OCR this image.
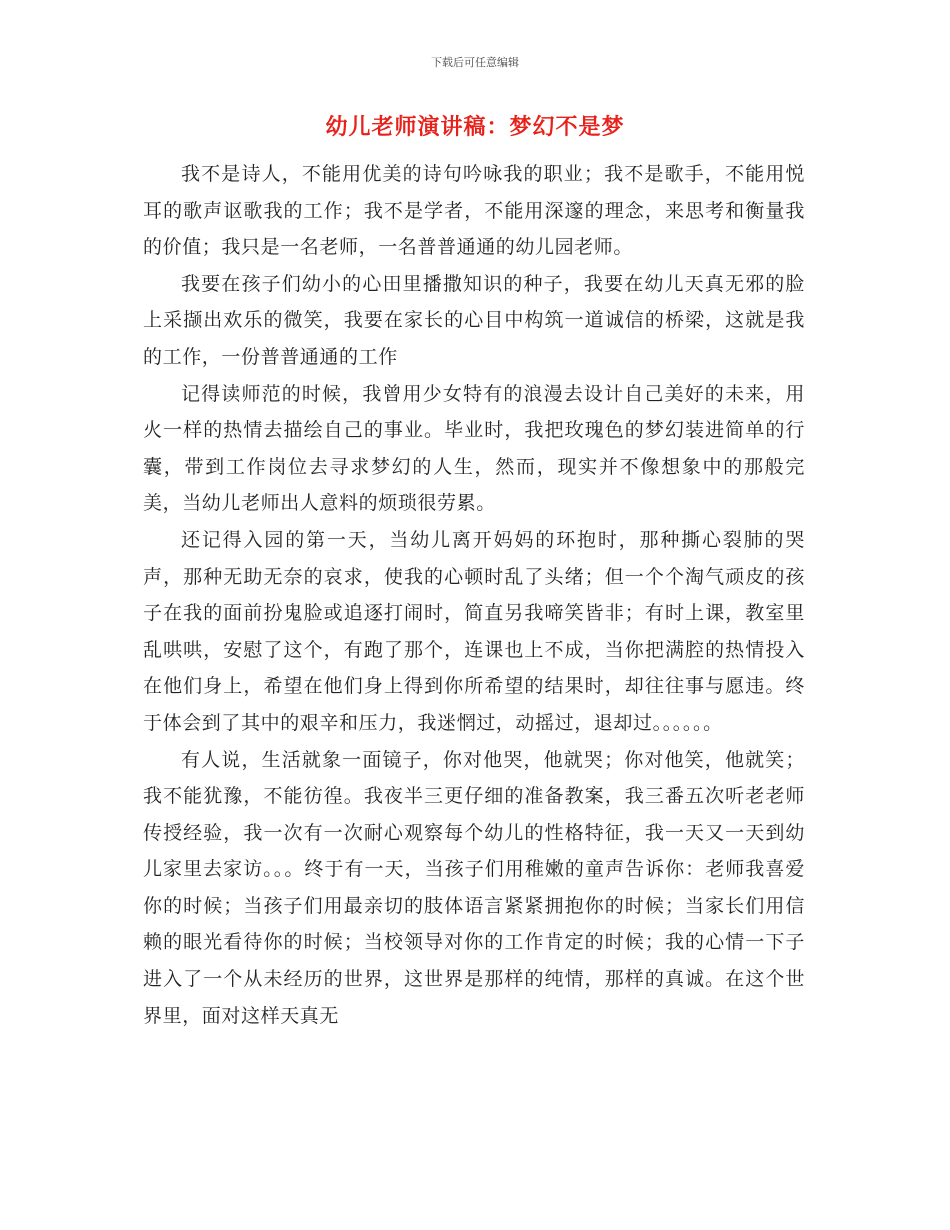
下载后可任意编辑
幼儿老师演讲稿：梦幻不是梦

我不是诗人，不能用优美的诗句吟咏我的职业；我不是歌手，不能用悦耳的歌声讴歌我的工作；我不是学者，不能用深邃的理念，来思考和衡量我的价值；我只是一名老师，一名普普通通的幼儿园老师。

我要在孩子们幼小的心田里播撒知识的种子，我要在幼儿天真无邪的脸上采撷出欢乐的微笑，我要在家长的心目中构筑一道诚信的桥梁，这就是我的工作，一份普普通通的工作

记得读师范的时候，我曾用少女特有的浪漫去设计自己美好的未来，用火一样的热情去描绘自己的事业。毕业时，我把玫瑰色的梦幻装进简单的行囊，带到工作岗位去寻求梦幻的人生，然而，现实并不像想象中的那般完美，当幼儿老师出人意料的烦琐很劳累。

还记得入园的第一天，当幼儿离开妈妈的环抱时，那种撕心裂肺的哭声，那种无助无奈的哀求，使我的心顿时乱了头绪；但一个个淘气顽皮的孩子在我的面前扮鬼脸或追逐打闹时，简直另我啼笑皆非；有时上课，教室里乱哄哄，安慰了这个，有跑了那个，连课也上不成，当你把满腔的热情投入在他们身上，希望在他们身上得到你所希望的结果时，却往往事与愿违。终于体会到了其中的艰辛和压力，我迷惘过，动摇过，退却过。。。。。。

有人说，生活就象一面镜子，你对他哭，他就哭；你对他笑，他就笑；我不能犹豫，不能彷徨。我夜半三更仔细的准备教案，我三番五次听老老师传授经验，我一次有一次耐心观察每个幼儿的性格特征，我一天又一天到幼儿家里去家访。。。终于有一天，当孩子们用稚嫩的童声告诉你：老师我喜爱你的时候；当孩子们用最亲切的肢体语言紧紧拥抱你的时候；当家长们用信赖的眼光看待你的时候；当校领导对你的工作肯定的时候；我的心情一下子进入了一个从未经历的世界，这世界是那样的纯情，那样的真诚。在这个世界里，面对这样天真无
